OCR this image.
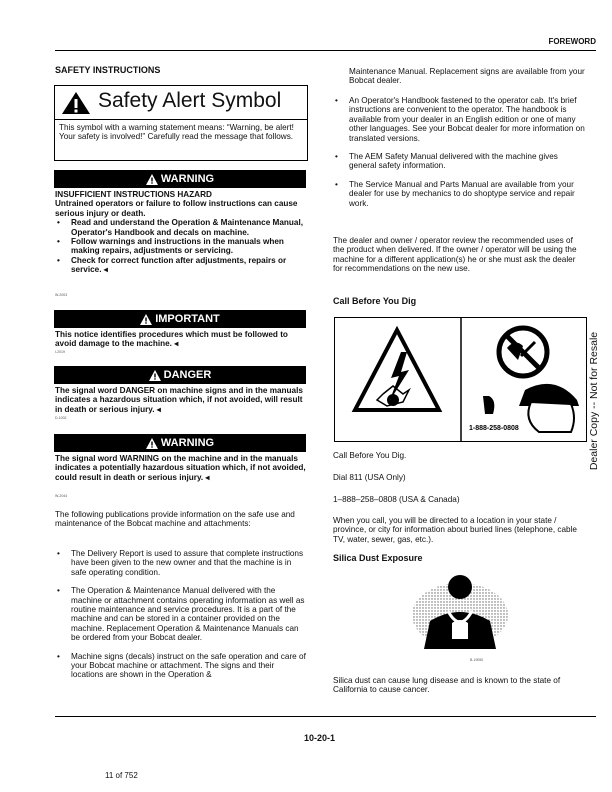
FOREWORD
SAFETY INSTRUCTIONS
Safety Alert Symbol
This symbol with a warning statement means: “Warning, be alert! Your safety is involved!” Carefully read the message that follows.
WARNING
INSUFFICIENT INSTRUCTIONS HAZARD
Untrained operators or failure to follow instructions can cause serious injury or death.
• Read and understand the Operation & Maintenance Manual, Operator's Handbook and decals on machine.
• Follow warnings and instructions in the manuals when making repairs, adjustments or servicing.
• Check for correct function after adjustments, repairs or service. ◂
W-2003
IMPORTANT
This notice identifies procedures which must be followed to avoid damage to the machine. ◂
I-2019
DANGER
The signal word DANGER on machine signs and in the manuals indicates a hazardous situation which, if not avoided, will result in death or serious injury. ◂
D-1002
WARNING
The signal word WARNING on the machine and in the manuals indicates a potentially hazardous situation which, if not avoided, could result in death or serious injury. ◂
W-2044
The following publications provide information on the safe use and maintenance of the Bobcat machine and attachments:
• The Delivery Report is used to assure that complete instructions have been given to the new owner and that the machine is in safe operating condition.
• The Operation & Maintenance Manual delivered with the machine or attachment contains operating information as well as routine maintenance and service procedures. It is a part of the machine and can be stored in a container provided on the machine. Replacement Operation & Maintenance Manuals can be ordered from your Bobcat dealer.
• Machine signs (decals) instruct on the safe operation and care of your Bobcat machine or attachment. The signs and their locations are shown in the Operation &
Maintenance Manual. Replacement signs are available from your Bobcat dealer.
• An Operator's Handbook fastened to the operator cab. It's brief instructions are convenient to the operator. The handbook is available from your dealer in an English edition or one of many other languages. See your Bobcat dealer for more information on translated versions.
• The AEM Safety Manual delivered with the machine gives general safety information.
• The Service Manual and Parts Manual are available from your dealer for use by mechanics to do shoptype service and repair work.
The dealer and owner / operator review the recommended uses of the product when delivered. If the owner / operator will be using the machine for a different application(s) he or she must ask the dealer for recommendations on the new use.
Call Before You Dig
1-888-258-0808
Call Before You Dig.
Dial 811 (USA Only)
1–888–258–0808 (USA & Canada)
When you call, you will be directed to a location in your state / province, or city for information about buried lines (telephone, cable TV, water, sewer, gas, etc.).
Silica Dust Exposure
B-19050
Silica dust can cause lung disease and is known to the state of California to cause cancer.
Dealer Copy -- Not for Resale
10-20-1
11 of 752
